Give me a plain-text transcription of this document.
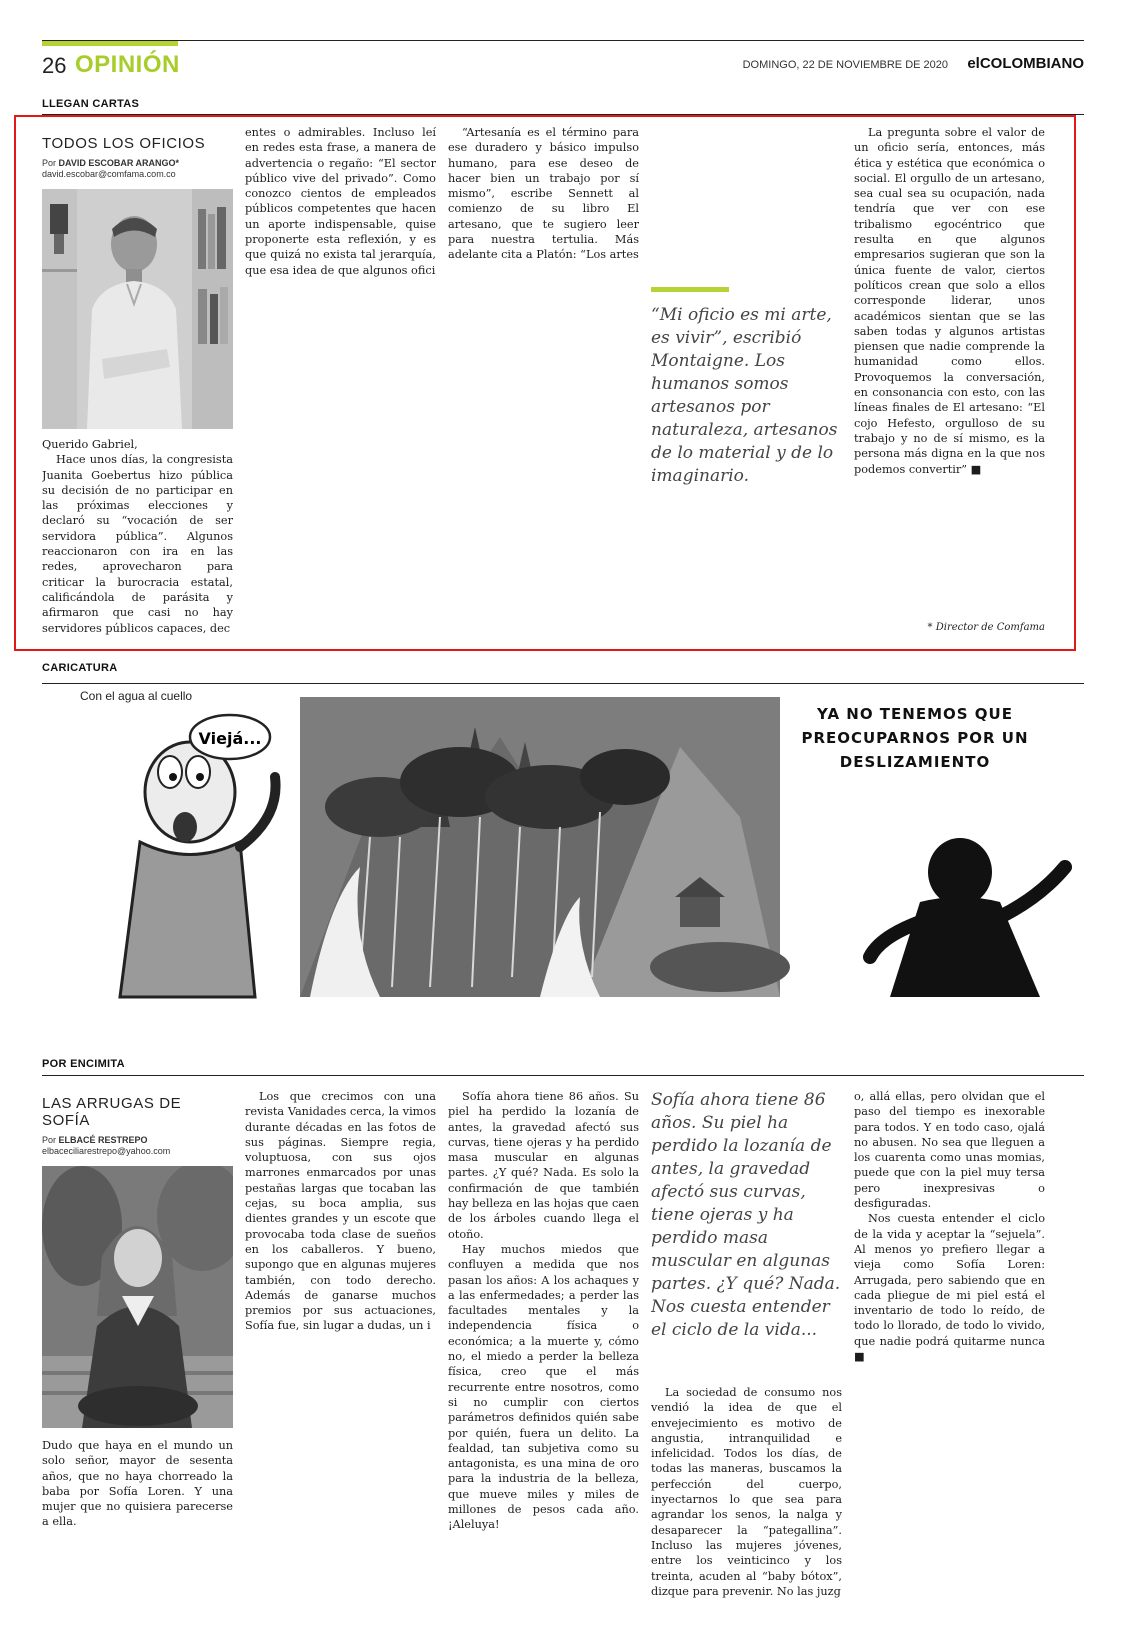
26 OPINIÓN	DOMINGO, 22 DE NOVIEMBRE DE 2020 elCOLOMBIANO
LLEGAN CARTAS
TODOS LOS OFICIOS
Por DAVID ESCOBAR ARANGO*
david.escobar@comfama.com.co
Querido Gabriel,

Hace unos días, la congresista Juanita Goebertus hizo pública su decisión de no participar en las próximas elecciones y declaró su “vocación de ser servidora pública”. Algunos reaccionaron con ira en las redes, aprovecharon para criticar la burocracia estatal, calificándola de parásita y afirmaron que casi no hay servidores públicos capaces, dec

entes o admirables. Incluso leí en redes esta frase, a manera de advertencia o regaño: “El sector público vive del privado”. Como conozco cientos de empleados públicos competentes que hacen un aporte indispensable, quise proponerte esta reflexión, y es que quizá no exista tal jerarquía, que esa idea de que algunos ofici

“Artesanía es el término para ese duradero y básico impulso humano, para ese deseo de hacer bien un trabajo por sí mismo”, escribe Sennett al comienzo de su libro El artesano, que te sugiero leer para nuestra tertulia. Más adelante cita a Platón: “Los artes

“Mi oficio es mi arte, es vivir”, escribió Montaigne. Los humanos somos artesanos por naturaleza, artesanos de lo material y de lo imaginario.

La pregunta sobre el valor de un oficio sería, entonces, más ética y estética que económica o social. El orgullo de un artesano, sea cual sea su ocupación, nada tendría que ver con ese tribalismo egocéntrico que resulta en que algunos empresarios sugieran que son la única fuente de valor, ciertos políticos crean que solo a ellos corresponde liderar, unos académicos sientan que se las saben todas y algunos artistas piensen que nadie comprende la humanidad como ellos. Provoquemos la conversación, en consonancia con esto, con las líneas finales de El artesano: “El cojo Hefesto, orgulloso de su trabajo y no de sí mismo, es la persona más digna en la que nos podemos convertir” ■

* Director de Comfama
CARICATURA
Con el agua al cuello
Viejá...
YA NO TENEMOS QUE PREOCUPARNOS POR UN DESLIZAMIENTO
POR ENCIMITA
LAS ARRUGAS DE SOFÍA
Por ELBACÉ RESTREPO
elbaceciliarestrepo@yahoo.com

Dudo que haya en el mundo un solo señor, mayor de sesenta años, que no haya chorreado la baba por Sofía Loren. Y una mujer que no quisiera parecerse a ella.

Los que crecimos con una revista Vanidades cerca, la vimos durante décadas en las fotos de sus páginas. Siempre regia, voluptuosa, con sus ojos marrones enmarcados por unas pestañas largas que tocaban las cejas, su boca amplia, sus dientes grandes y un escote que provocaba toda clase de sueños en los caballeros. Y bueno, supongo que en algunas mujeres también, con todo derecho. Además de ganarse muchos premios por sus actuaciones, Sofía fue, sin lugar a dudas, un i

Sofía ahora tiene 86 años. Su piel ha perdido la lozanía de antes, la gravedad afectó sus curvas, tiene ojeras y ha perdido masa muscular en algunas partes. ¿Y qué? Nada. Es solo la confirmación de que también hay belleza en las hojas que caen de los árboles cuando llega el otoño.

Hay muchos miedos que confluyen a medida que nos pasan los años: A los achaques y a las enfermedades; a perder las facultades mentales y la independencia física o económica; a la muerte y, cómo no, el miedo a perder la belleza física, creo que el más recurrente entre nosotros, como si no cumplir con ciertos parámetros definidos quién sabe por quién, fuera un delito. La fealdad, tan subjetiva como su antagonista, es una mina de oro para la industria de la belleza, que mueve miles y miles de millones de pesos cada año. ¡Aleluya!

Sofía ahora tiene 86 años. Su piel ha perdido la lozanía de antes, la gravedad afectó sus curvas, tiene ojeras y ha perdido masa muscular en algunas partes. ¿Y qué? Nada. Nos cuesta entender el ciclo de la vida...

La sociedad de consumo nos vendió la idea de que el envejecimiento es motivo de angustia, intranquilidad e infelicidad. Todos los días, de todas las maneras, buscamos la perfección del cuerpo, inyectarnos lo que sea para agrandar los senos, la nalga y desaparecer la “pategallina”. Incluso las mujeres jóvenes, entre los veinticinco y los treinta, acuden al “baby bótox”, dizque para prevenir. No las juzg

o, allá ellas, pero olvidan que el paso del tiempo es inexorable para todos. Y en todo caso, ojalá no abusen. No sea que lleguen a los cuarenta como unas momias, puede que con la piel muy tersa pero inexpresivas o desfiguradas.

Nos cuesta entender el ciclo de la vida y aceptar la “sejuela”. Al menos yo prefiero llegar a vieja como Sofía Loren: Arrugada, pero sabiendo que en cada pliegue de mi piel está el inventario de todo lo reído, de todo lo llorado, de todo lo vivido, que nadie podrá quitarme nunca ■
